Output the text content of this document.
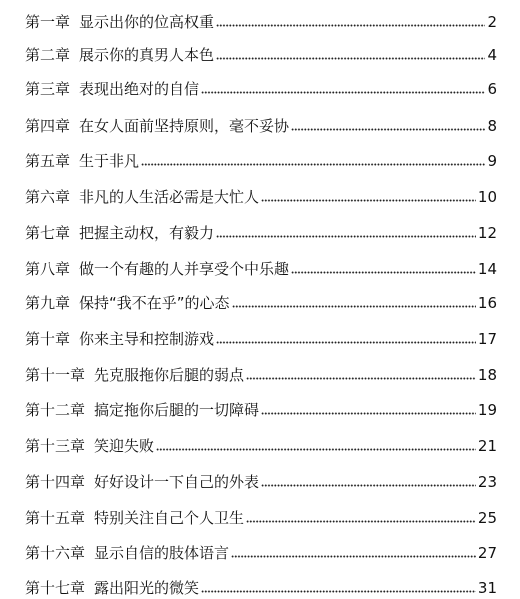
第一章 显示出你的位高权重	2
第二章 展示你的真男人本色	4
第三章 表现出绝对的自信	6
第四章 在女人面前坚持原则，毫不妥协	8
第五章 生于非凡	9
第六章 非凡的人生活必需是大忙人	10
第七章 把握主动权，有毅力	12
第八章 做一个有趣的人并享受个中乐趣	14
第九章 保持“我不在乎”的心态	16
第十章 你来主导和控制游戏	17
第十一章 先克服拖你后腿的弱点	18
第十二章 搞定拖你后腿的一切障碍	19
第十三章 笑迎失败	21
第十四章 好好设计一下自己的外表	23
第十五章 特别关注自己个人卫生	25
第十六章 显示自信的肢体语言	27
第十七章 露出阳光的微笑	31
